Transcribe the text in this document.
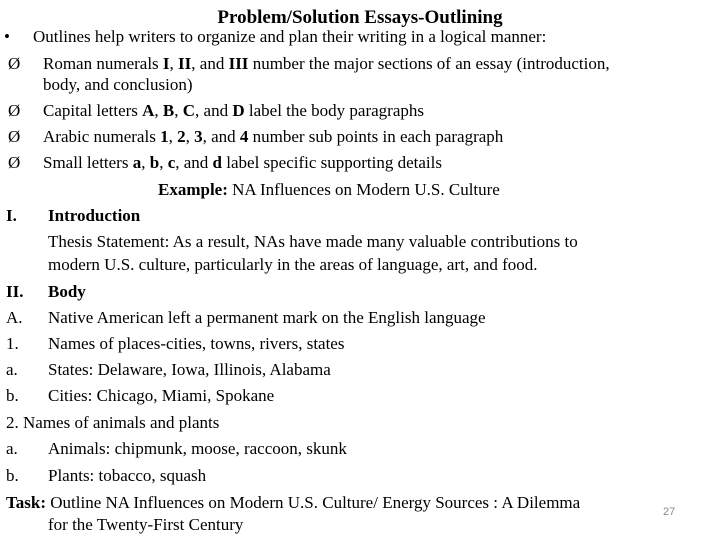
Problem/Solution Essays-Outlining
• Outlines help writers to organize and plan their writing in a logical manner:
Ø Roman numerals I, II, and III number the major sections of an essay (introduction,
body, and conclusion)
Ø Capital letters A, B, C, and D label the body paragraphs
Ø Arabic numerals 1, 2, 3, and 4 number sub points in each paragraph
Ø Small letters a, b, c, and d label specific supporting details
Example: NA Influences on Modern U.S. Culture
I. Introduction
Thesis Statement: As a result, NAs have made many valuable contributions to
modern U.S. culture, particularly in the areas of language, art, and food.
II. Body
A. Native American left a permanent mark on the English language
1. Names of places-cities, towns, rivers, states
a. States: Delaware, Iowa, Illinois, Alabama
b. Cities: Chicago, Miami, Spokane
2. Names of animals and plants
a. Animals: chipmunk, moose, raccoon, skunk
b. Plants: tobacco, squash
Task: Outline NA Influences on Modern U.S. Culture/ Energy Sources : A Dilemma
for the Twenty-First Century
27
